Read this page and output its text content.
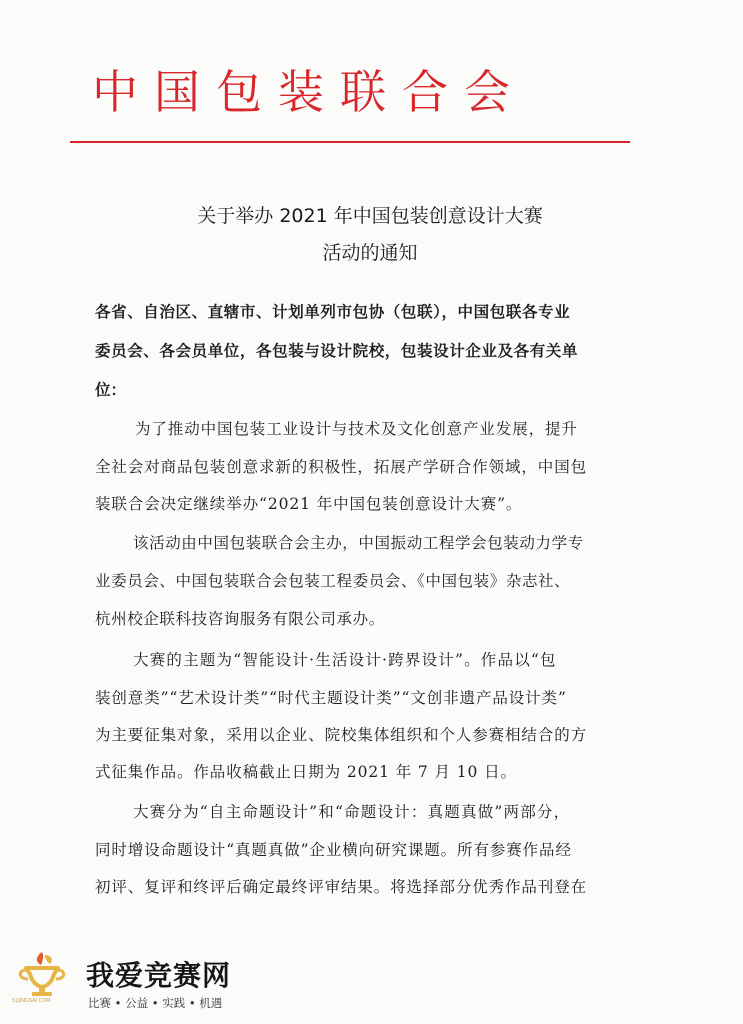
中国包装联合会
关于举办 2021 年中国包装创意设计大赛
活动的通知
各省、自治区、直辖市、计划单列市包协（包联），中国包联各专业
委员会、各会员单位，各包装与设计院校，包装设计企业及各有关单
位：
为了推动中国包装工业设计与技术及文化创意产业发展，提升
全社会对商品包装创意求新的积极性，拓展产学研合作领域，中国包
装联合会决定继续举办“2021 年中国包装创意设计大赛”。
该活动由中国包装联合会主办，中国振动工程学会包装动力学专
业委员会、中国包装联合会包装工程委员会、《中国包装》杂志社、
杭州校企联科技咨询服务有限公司承办。
大赛的主题为“智能设计·生活设计·跨界设计”。作品以“包
装创意类”“艺术设计类”“时代主题设计类”“文创非遗产品设计类”
为主要征集对象，采用以企业、院校集体组织和个人参赛相结合的方
式征集作品。作品收稿截止日期为 2021 年 7 月 10 日。
大赛分为“自主命题设计”和“命题设计：真题真做”两部分，
同时增设命题设计“真题真做”企业横向研究课题。所有参赛作品经
初评、复评和终评后确定最终评审结果。将选择部分优秀作品刊登在
52JINGSAI.COM
我爱竞赛网
比赛 • 公益 • 实践 • 机遇
